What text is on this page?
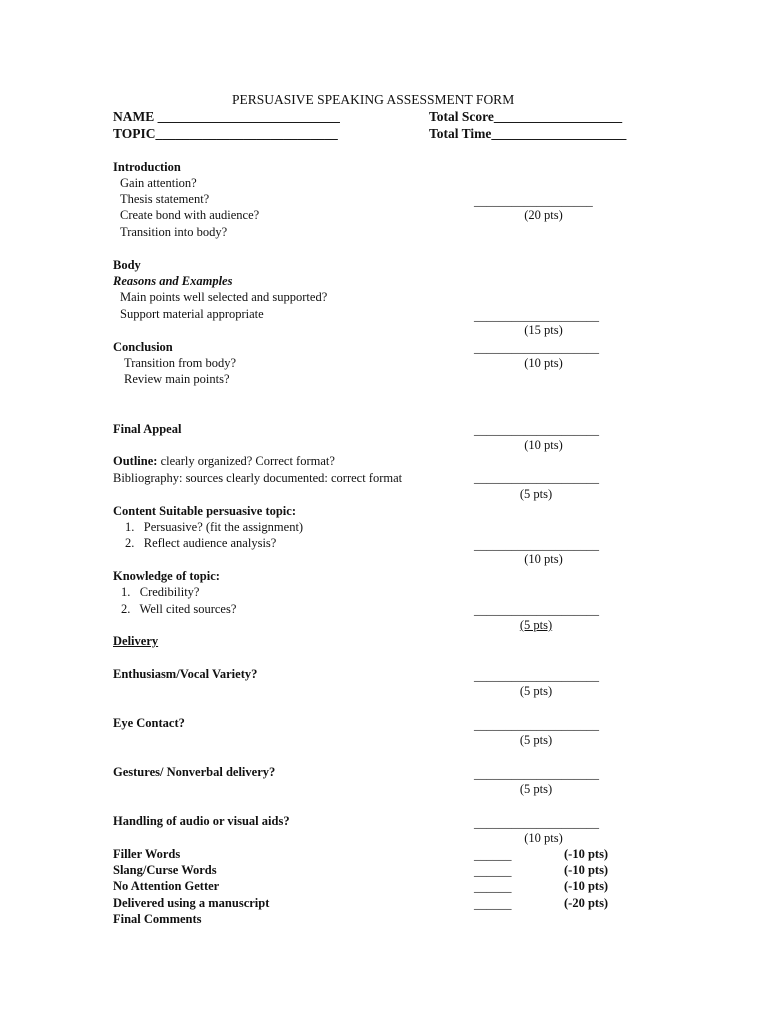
PERSUASIVE SPEAKING ASSESSMENT FORM
NAME ___________________________	Total Score___________________
TOPIC___________________________	Total Time____________________
Introduction
Gain attention?
Thesis statement?	___________________
Create bond with audience?	(20 pts)
Transition into body?
Body
Reasons and Examples
Main points well selected and supported?
Support material appropriate	____________________
(15 pts)
Conclusion	____________________
Transition from body?	(10 pts)
Review main points?
Final Appeal	____________________
(10 pts)
Outline: clearly organized? Correct format?
Bibliography: sources clearly documented: correct format	____________________
(5 pts)
Content Suitable persuasive topic:
1.   Persuasive? (fit the assignment)
2.   Reflect audience analysis?	____________________
(10 pts)
Knowledge of topic:
1.   Credibility?
2.   Well cited sources?	____________________
(5 pts)
Delivery
Enthusiasm/Vocal Variety?	____________________
(5 pts)
Eye Contact?	____________________
(5 pts)
Gestures/ Nonverbal delivery?	____________________
(5 pts)
Handling of audio or visual aids?	____________________
(10 pts)
Filler Words	______	(-10 pts)
Slang/Curse Words	______	(-10 pts)
No Attention Getter	______	(-10 pts)
Delivered using a manuscript	______	(-20 pts)
Final Comments
